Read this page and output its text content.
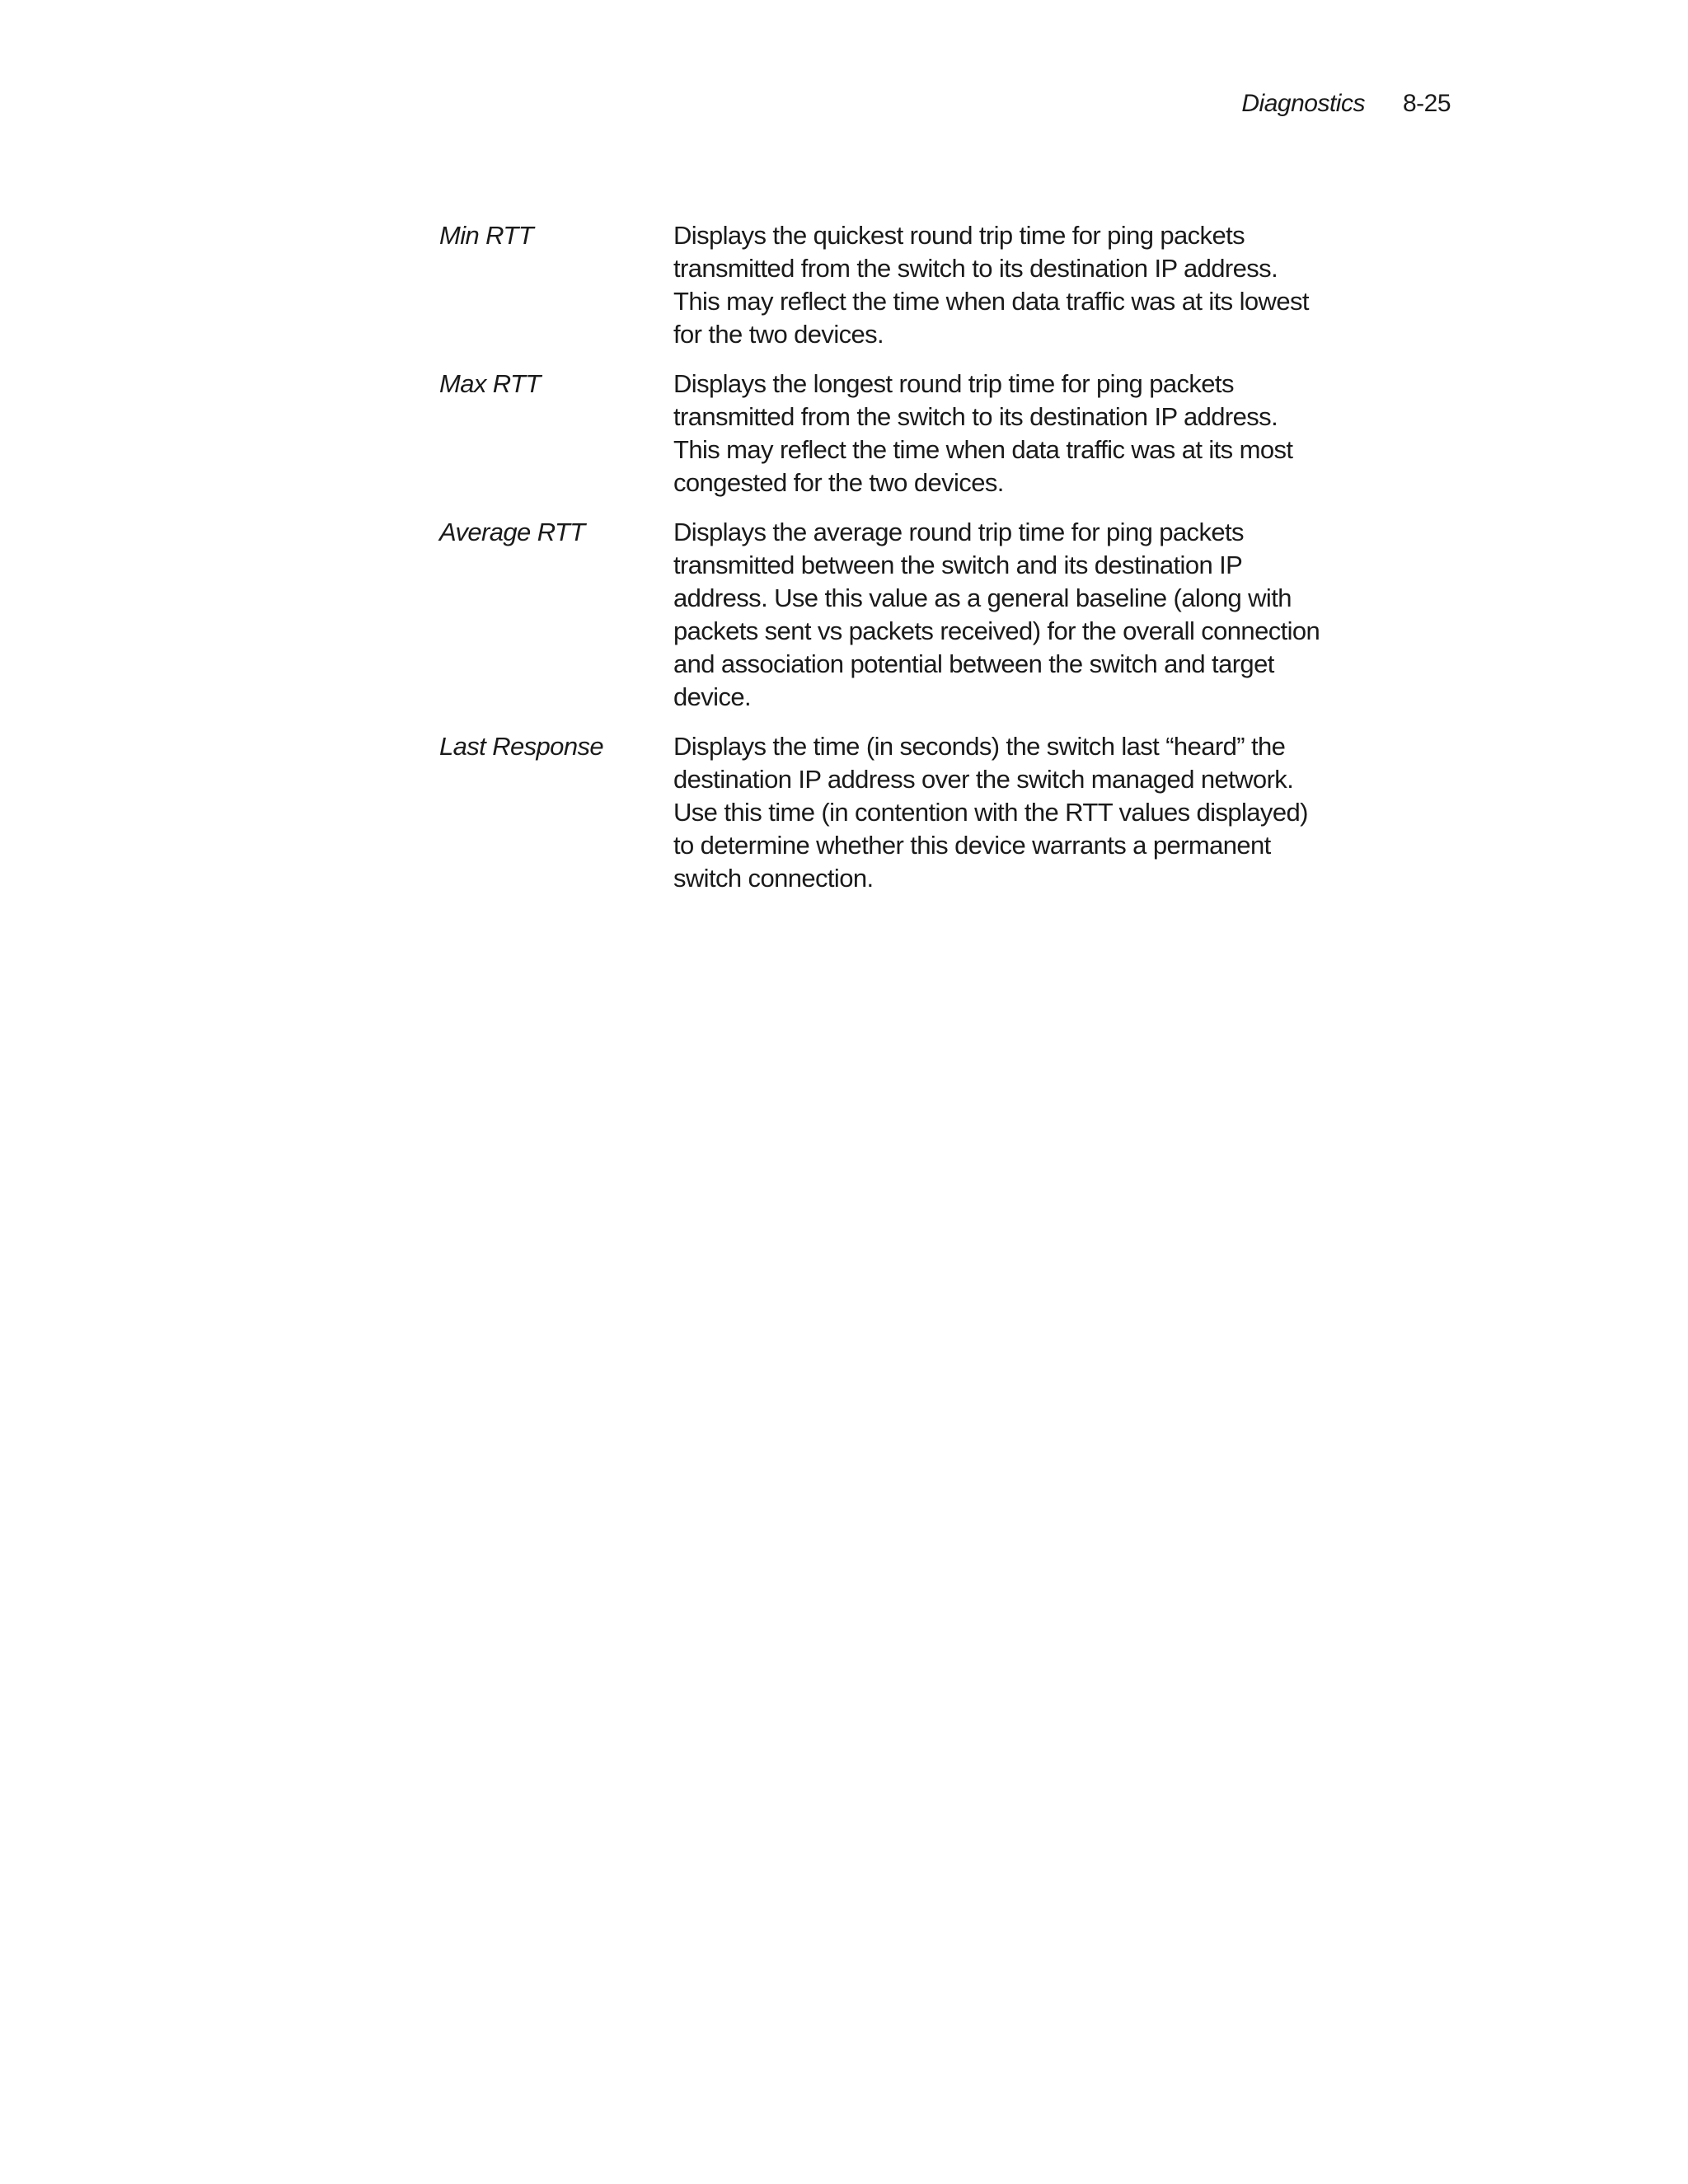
Diagnostics 8-25
Min RTT	Displays the quickest round trip time for ping packets transmitted from the switch to its destination IP address. This may reflect the time when data traffic was at its lowest for the two devices.
Max RTT	Displays the longest round trip time for ping packets transmitted from the switch to its destination IP address. This may reflect the time when data traffic was at its most congested for the two devices.
Average RTT	Displays the average round trip time for ping packets transmitted between the switch and its destination IP address. Use this value as a general baseline (along with packets sent vs packets received) for the overall connection and association potential between the switch and target device.
Last Response	Displays the time (in seconds) the switch last “heard” the destination IP address over the switch managed network. Use this time (in contention with the RTT values displayed) to determine whether this device warrants a permanent switch connection.
